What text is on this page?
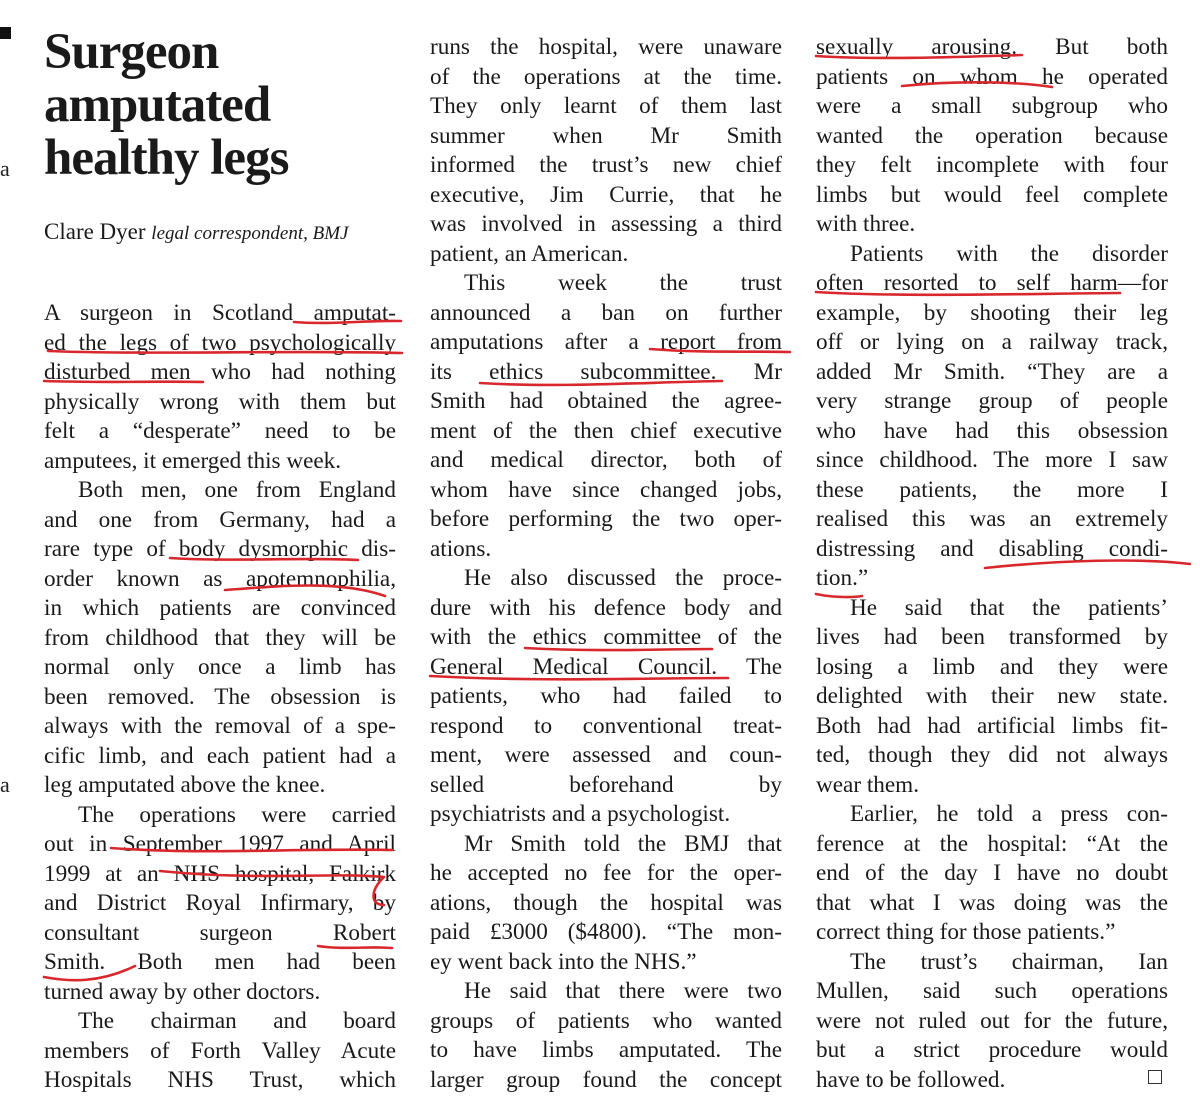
a
a
Surgeon amputated healthy legs
Clare Dyer legal correspondent, BMJ
A surgeon in Scotland amputat-
ed the legs of two psychologically
disturbed men who had nothing
physically wrong with them but
felt a “desperate” need to be
amputees, it emerged this week.
Both men, one from England
and one from Germany, had a
rare type of body dysmorphic dis-
order known as apotemnophilia,
in which patients are convinced
from childhood that they will be
normal only once a limb has
been removed. The obsession is
always with the removal of a spe-
cific limb, and each patient had a
leg amputated above the knee.
The operations were carried
out in September 1997 and April
1999 at an NHS hospital, Falkirk
and District Royal Infirmary, by
consultant surgeon Robert
Smith. Both men had been
turned away by other doctors.
The chairman and board
members of Forth Valley Acute
Hospitals NHS Trust, which
runs the hospital, were unaware
of the operations at the time.
They only learnt of them last
summer when Mr Smith
informed the trust’s new chief
executive, Jim Currie, that he
was involved in assessing a third
patient, an American.
This week the trust
announced a ban on further
amputations after a report from
its ethics subcommittee. Mr
Smith had obtained the agree-
ment of the then chief executive
and medical director, both of
whom have since changed jobs,
before performing the two oper-
ations.
He also discussed the proce-
dure with his defence body and
with the ethics committee of the
General Medical Council. The
patients, who had failed to
respond to conventional treat-
ment, were assessed and coun-
selled beforehand by
psychiatrists and a psychologist.
Mr Smith told the BMJ that
he accepted no fee for the oper-
ations, though the hospital was
paid £3000 ($4800). “The mon-
ey went back into the NHS.”
He said that there were two
groups of patients who wanted
to have limbs amputated. The
larger group found the concept
sexually arousing. But both
patients on whom he operated
were a small subgroup who
wanted the operation because
they felt incomplete with four
limbs but would feel complete
with three.
Patients with the disorder
often resorted to self harm—for
example, by shooting their leg
off or lying on a railway track,
added Mr Smith. “They are a
very strange group of people
who have had this obsession
since childhood. The more I saw
these patients, the more I
realised this was an extremely
distressing and disabling condi-
tion.”
He said that the patients’
lives had been transformed by
losing a limb and they were
delighted with their new state.
Both had had artificial limbs fit-
ted, though they did not always
wear them.
Earlier, he told a press con-
ference at the hospital: “At the
end of the day I have no doubt
that what I was doing was the
correct thing for those patients.”
The trust’s chairman, Ian
Mullen, said such operations
were not ruled out for the future,
but a strict procedure would
have to be followed.
